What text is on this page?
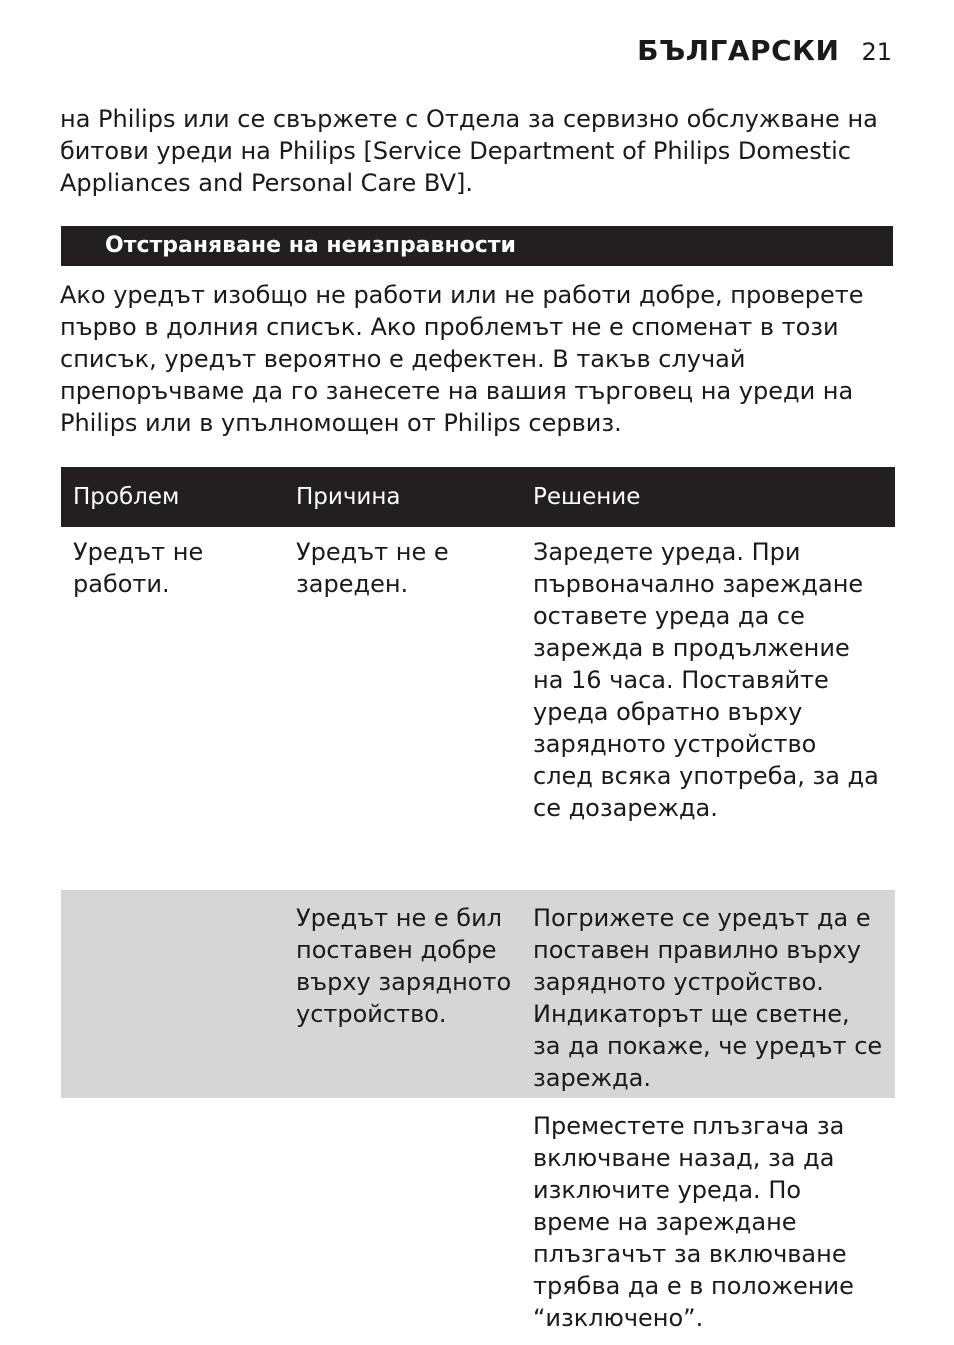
БЪЛГАРСКИ 21
на Philips или се свържете с Отдела за сервизно обслужване на битови уреди на Philips [Service Department of Philips Domestic Appliances and Personal Care BV].
Отстраняване на неизправности
Ако уредът изобщо не работи или не работи добре, проверете първо в долния списък. Ако проблемът не е споменат в този списък, уредът вероятно е дефектен. В такъв случай препоръчваме да го занесете на вашия търговец на уреди на Philips или в упълномощен от Philips сервиз.
Проблем	Причина	Решение
Уредът не работи.
Уредът не е зареден.
Заредете уреда. При първоначално зареждане оставете уреда да се зарежда в продължение на 16 часа. Поставяйте уреда обратно върху зарядното устройство след всяка употреба, за да се дозарежда.
Уредът не е бил поставен добре върху зарядното устройство.
Погрижете се уредът да е поставен правилно върху зарядното устройство. Индикаторът ще светне, за да покаже, че уредът се зарежда.
Преместете плъзгача за включване назад, за да изключите уреда. По време на зареждане плъзгачът за включване трябва да е в положение “изключено”.
